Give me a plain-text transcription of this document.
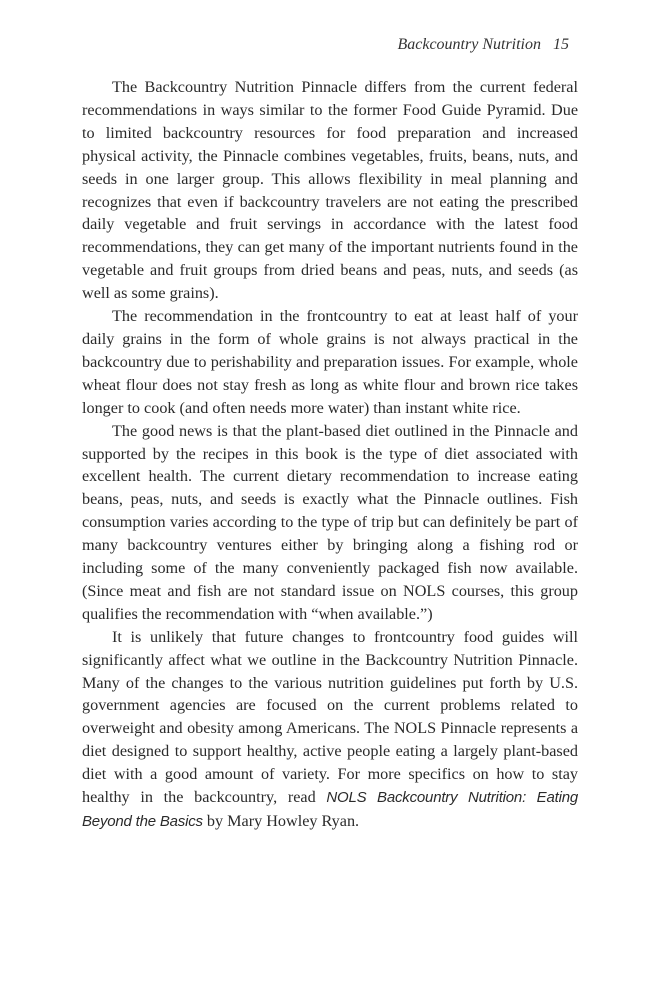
Backcountry Nutrition 15

The Backcountry Nutrition Pinnacle differs from the current federal recommendations in ways similar to the former Food Guide Pyramid. Due to limited backcountry resources for food preparation and increased physical activity, the Pinnacle combines vegetables, fruits, beans, nuts, and seeds in one larger group. This allows flexibility in meal planning and recognizes that even if backcountry travelers are not eating the prescribed daily vegetable and fruit servings in accordance with the latest food recommendations, they can get many of the important nutrients found in the vegetable and fruit groups from dried beans and peas, nuts, and seeds (as well as some grains).

The recommendation in the frontcountry to eat at least half of your daily grains in the form of whole grains is not always practical in the backcountry due to perishability and preparation issues. For example, whole wheat flour does not stay fresh as long as white flour and brown rice takes longer to cook (and often needs more water) than instant white rice.

The good news is that the plant-based diet outlined in the Pinnacle and supported by the recipes in this book is the type of diet associated with excellent health. The current dietary recommendation to increase eating beans, peas, nuts, and seeds is exactly what the Pinnacle outlines. Fish consumption varies according to the type of trip but can definitely be part of many backcountry ventures either by bringing along a fishing rod or including some of the many conveniently packaged fish now available. (Since meat and fish are not standard issue on NOLS courses, this group qualifies the recommendation with “when available.”)

It is unlikely that future changes to frontcountry food guides will significantly affect what we outline in the Backcountry Nutrition Pinnacle. Many of the changes to the various nutrition guidelines put forth by U.S. government agencies are focused on the current problems related to overweight and obesity among Americans. The NOLS Pinnacle represents a diet designed to support healthy, active people eating a largely plant-based diet with a good amount of variety. For more specifics on how to stay healthy in the backcountry, read NOLS Backcountry Nutrition: Eating Beyond the Basics by Mary Howley Ryan.
